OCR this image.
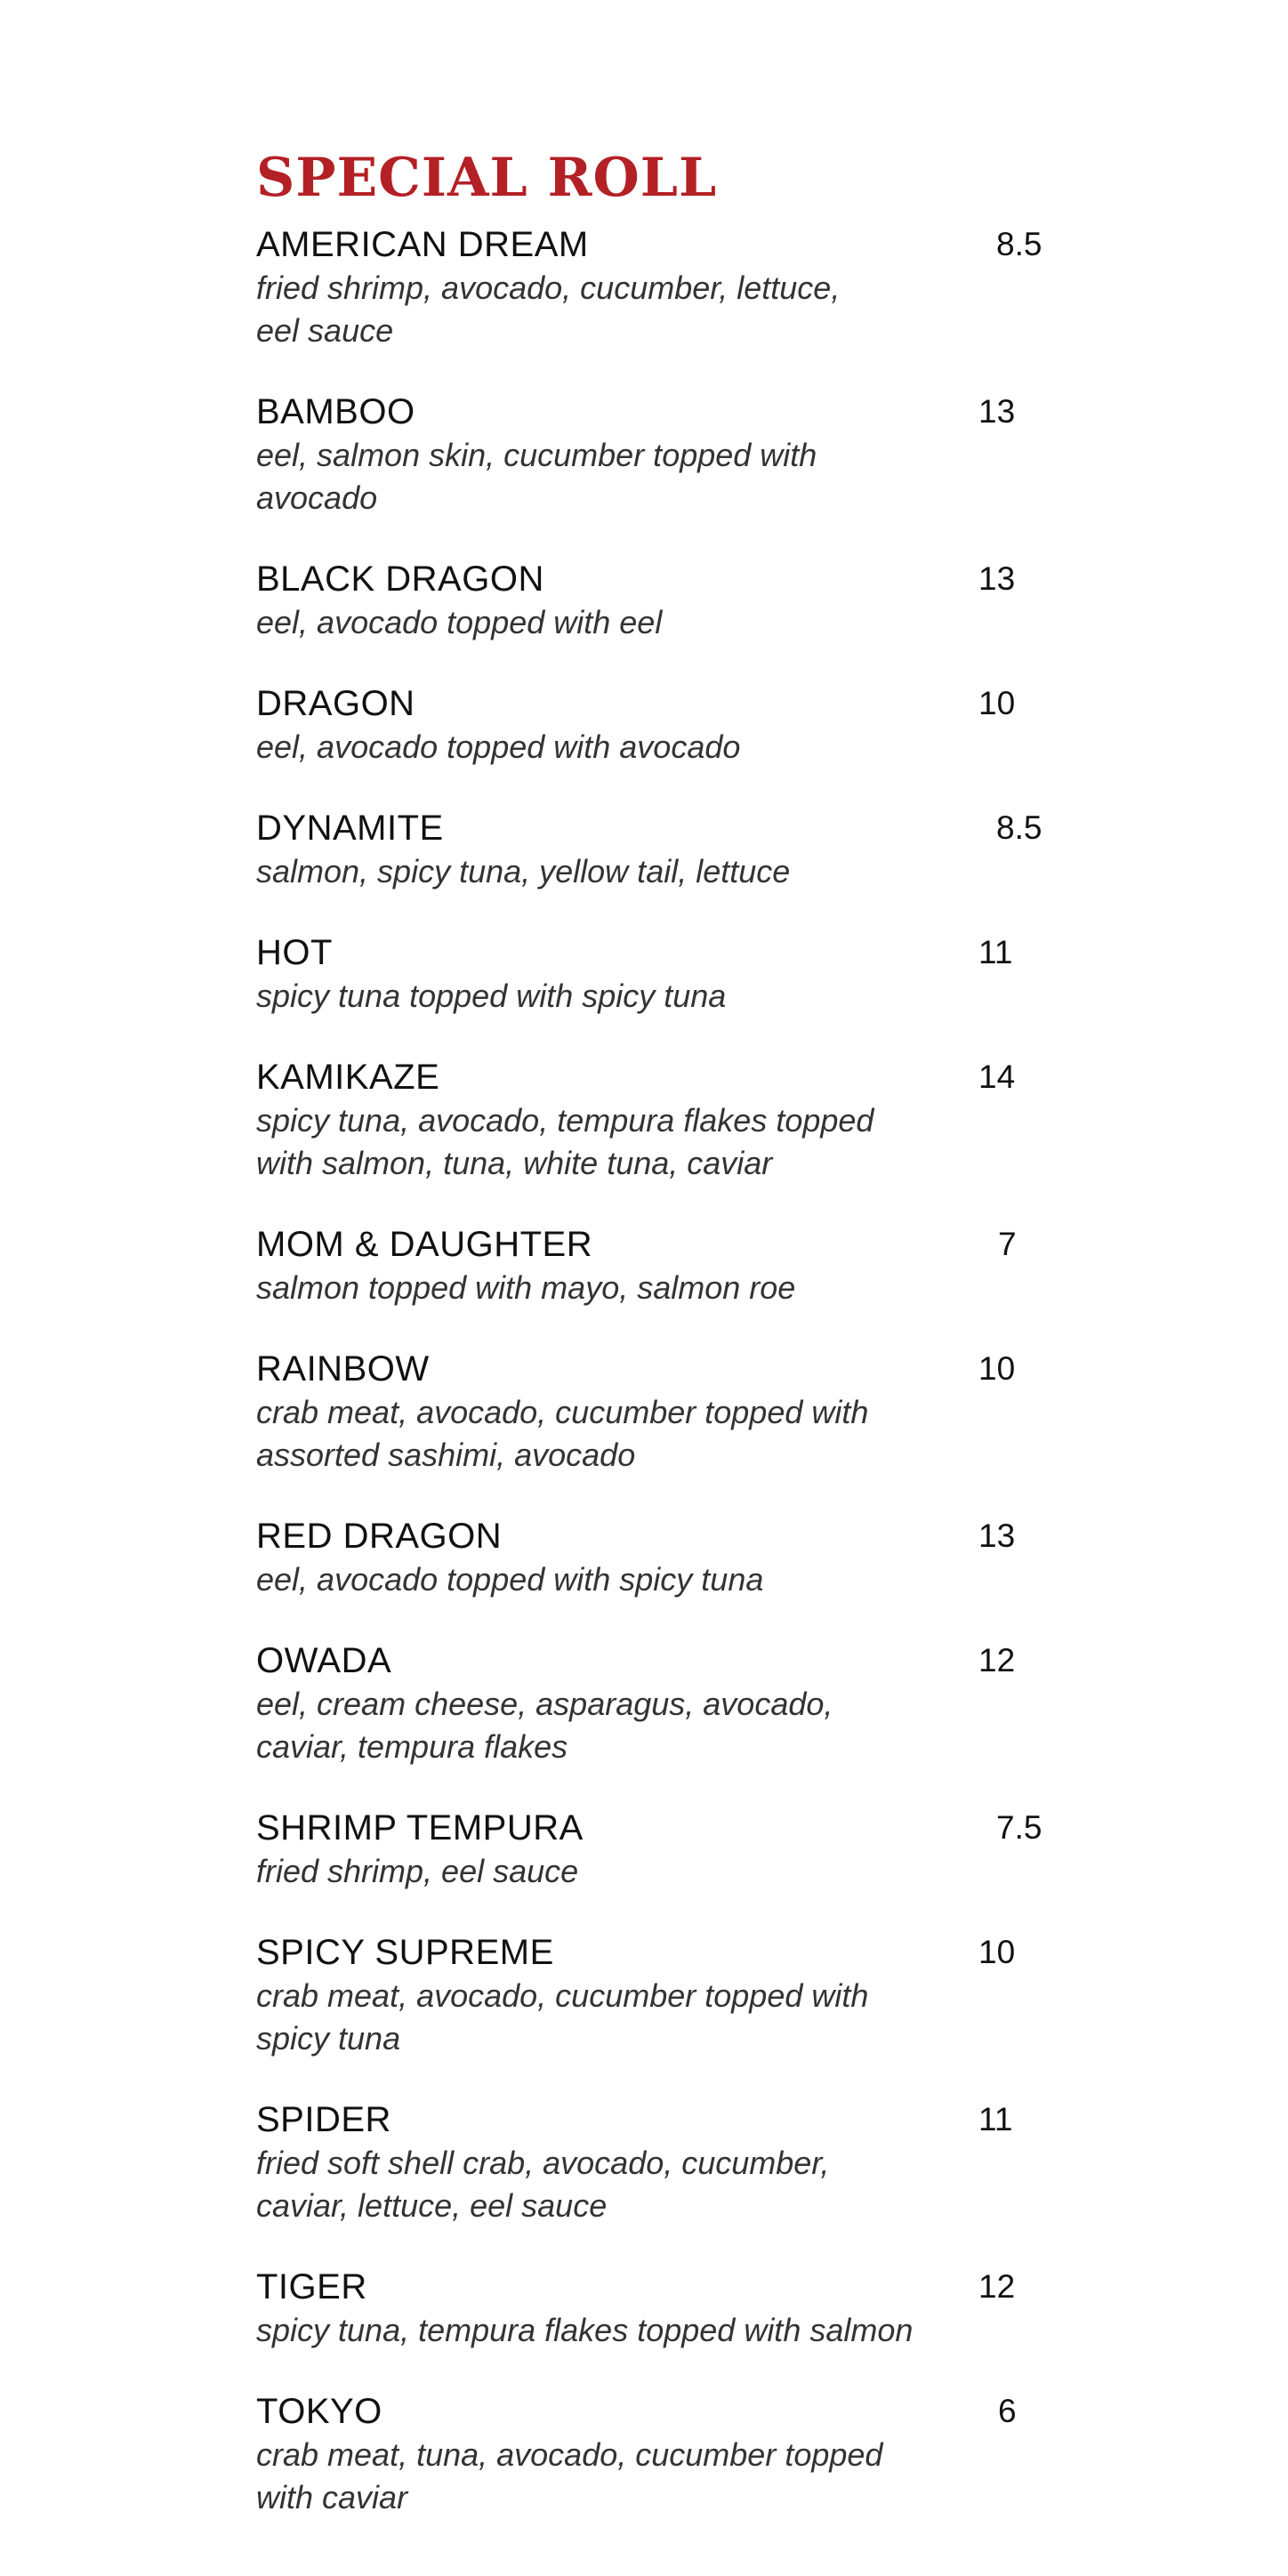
SPECIAL ROLL
AMERICAN DREAM	8.5
fried shrimp, avocado, cucumber, lettuce,
eel sauce
BAMBOO	13
eel, salmon skin, cucumber topped with
avocado
BLACK DRAGON	13
eel, avocado topped with eel
DRAGON	10
eel, avocado topped with avocado
DYNAMITE	8.5
salmon, spicy tuna, yellow tail, lettuce
HOT	11
spicy tuna topped with spicy tuna
KAMIKAZE	14
spicy tuna, avocado, tempura flakes topped
with salmon, tuna, white tuna, caviar
MOM & DAUGHTER	7
salmon topped with mayo, salmon roe
RAINBOW	10
crab meat, avocado, cucumber topped with
assorted sashimi, avocado
RED DRAGON	13
eel, avocado topped with spicy tuna
OWADA	12
eel, cream cheese, asparagus, avocado,
caviar, tempura flakes
SHRIMP TEMPURA	7.5
fried shrimp, eel sauce
SPICY SUPREME	10
crab meat, avocado, cucumber topped with
spicy tuna
SPIDER	11
fried soft shell crab, avocado, cucumber,
caviar, lettuce, eel sauce
TIGER	12
spicy tuna, tempura flakes topped with salmon
TOKYO	6
crab meat, tuna, avocado, cucumber topped
with caviar
